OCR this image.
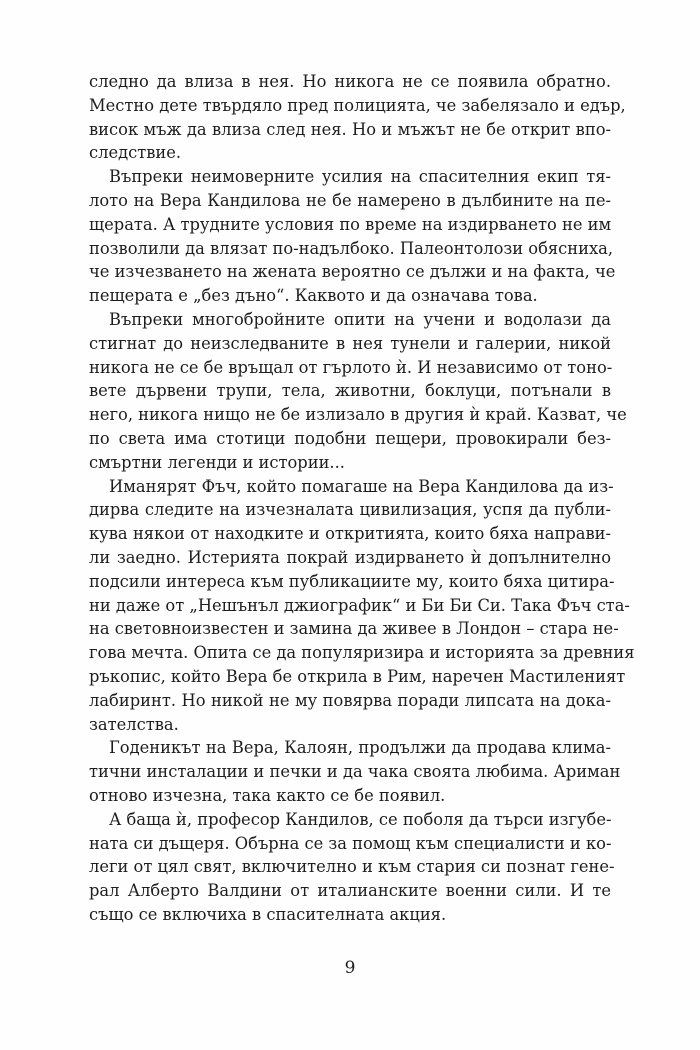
следно да влиза в нея. Но никога не се появила обратно.
Местно дете твърдяло пред полицията, че забелязало и едър,
висок мъж да влиза след нея. Но и мъжът не бе открит впо-
следствие.
Въпреки неимоверните усилия на спасителния екип тя-
лото на Вера Кандилова не бе намерено в дълбините на пе-
щерата. А трудните условия по време на издирването не им
позволили да влязат по-надълбоко. Палеонтолози обясниха,
че изчезването на жената вероятно се дължи и на факта, че
пещерата е „без дъно“. Каквото и да означава това.
Въпреки многобройните опити на учени и водолази да
стигнат до неизследваните в нея тунели и галерии, никой
никога не се бе връщал от гърлото ѝ. И независимо от тоно-
вете дървени трупи, тела, животни, боклуци, потънали в
него, никога нищо не бе излизало в другия ѝ край. Казват, че
по света има стотици подобни пещери, провокирали без-
смъртни легенди и истории...
Иманярят Фъч, който помагаше на Вера Кандилова да из-
дирва следите на изчезналата цивилизация, успя да публи-
кува някои от находките и откритията, които бяха направи-
ли заедно. Истерията покрай издирването ѝ допълнително
подсили интереса към публикациите му, които бяха цитира-
ни даже от „Нешънъл джиографик“ и Би Би Си. Така Фъч ста-
на световноизвестен и замина да живее в Лондон – стара не-
гова мечта. Опита се да популяризира и историята за древния
ръкопис, който Вера бе открила в Рим, наречен Мастиленият
лабиринт. Но никой не му повярва поради липсата на дока-
зателства.
Годеникът на Вера, Калоян, продължи да продава клима-
тични инсталации и печки и да чака своята любима. Ариман
отново изчезна, така както се бе появил.
А баща ѝ, професор Кандилов, се поболя да търси изгубе-
ната си дъщеря. Обърна се за помощ към специалисти и ко-
леги от цял свят, включително и към стария си познат гене-
рал Алберто Валдини от италианските военни сили. И те
също се включиха в спасителната акция.
9
